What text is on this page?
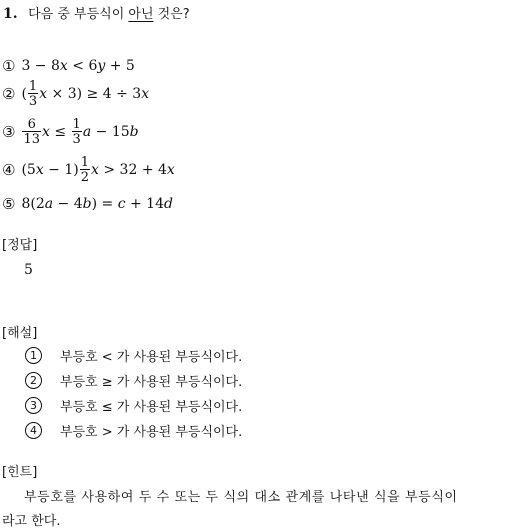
1. 다음 중 부등식이 아닌 것은?
① 3 − 8x < 6y + 5
② ( $\frac{1}{3}$ x × 3) ≥ 4 ÷ 3x
③ $\frac{6}{13}$ $x \le \frac{1}{3}$ a − 15b
④ $(5x - 1) \frac{1}{2}$ x > 32 + 4x
⑤ 8(2a − 4b) = c + 14d
[정답]
5
[해설]
1	부등호 < 가 사용된 부등식이다.
2	부등호 ≥ 가 사용된 부등식이다.
3	부등호 ≤ 가 사용된 부등식이다.
4	부등호 > 가 사용된 부등식이다.
[힌트]
부등호를 사용하여 두 수 또는 두 식의 대소 관계를 나타낸 식을 부등식이
라고 한다.
